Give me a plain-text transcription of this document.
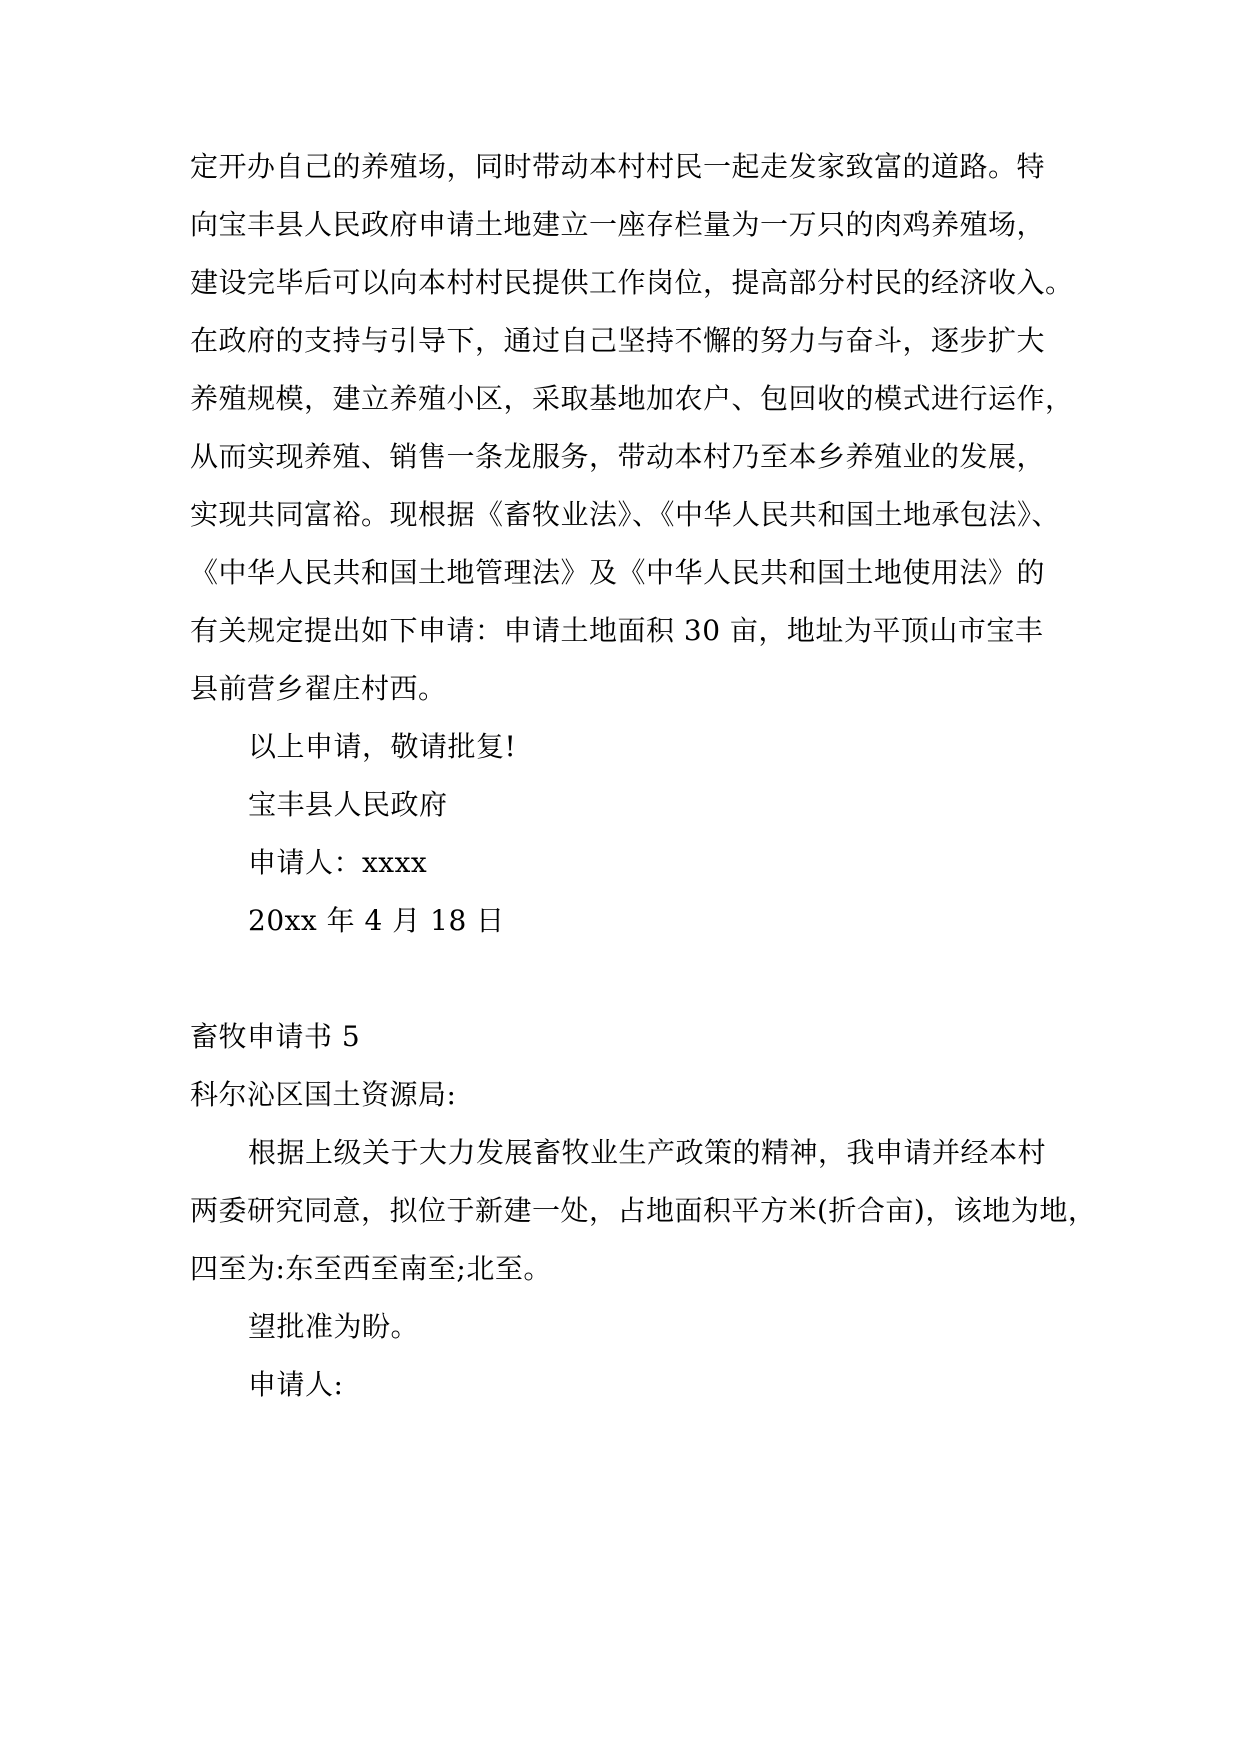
定开办自己的养殖场，同时带动本村村民一起走发家致富的道路。特
向宝丰县人民政府申请土地建立一座存栏量为一万只的肉鸡养殖场，
建设完毕后可以向本村村民提供工作岗位，提高部分村民的经济收入。
在政府的支持与引导下，通过自己坚持不懈的努力与奋斗，逐步扩大
养殖规模，建立养殖小区，采取基地加农户、包回收的模式进行运作，
从而实现养殖、销售一条龙服务，带动本村乃至本乡养殖业的发展，
实现共同富裕。现根据《畜牧业法》、《中华人民共和国土地承包法》、
《中华人民共和国土地管理法》及《中华人民共和国土地使用法》的
有关规定提出如下申请：申请土地面积 30 亩，地址为平顶山市宝丰
县前营乡翟庄村西。
以上申请，敬请批复!
宝丰县人民政府
申请人：xxxx
20xx 年 4 月 18 日
畜牧申请书 5
科尔沁区国土资源局:
根据上级关于大力发展畜牧业生产政策的精神，我申请并经本村
两委研究同意，拟位于新建一处，占地面积平方米(折合亩)，该地为地，
四至为:东至西至南至;北至。
望批准为盼。
申请人:
